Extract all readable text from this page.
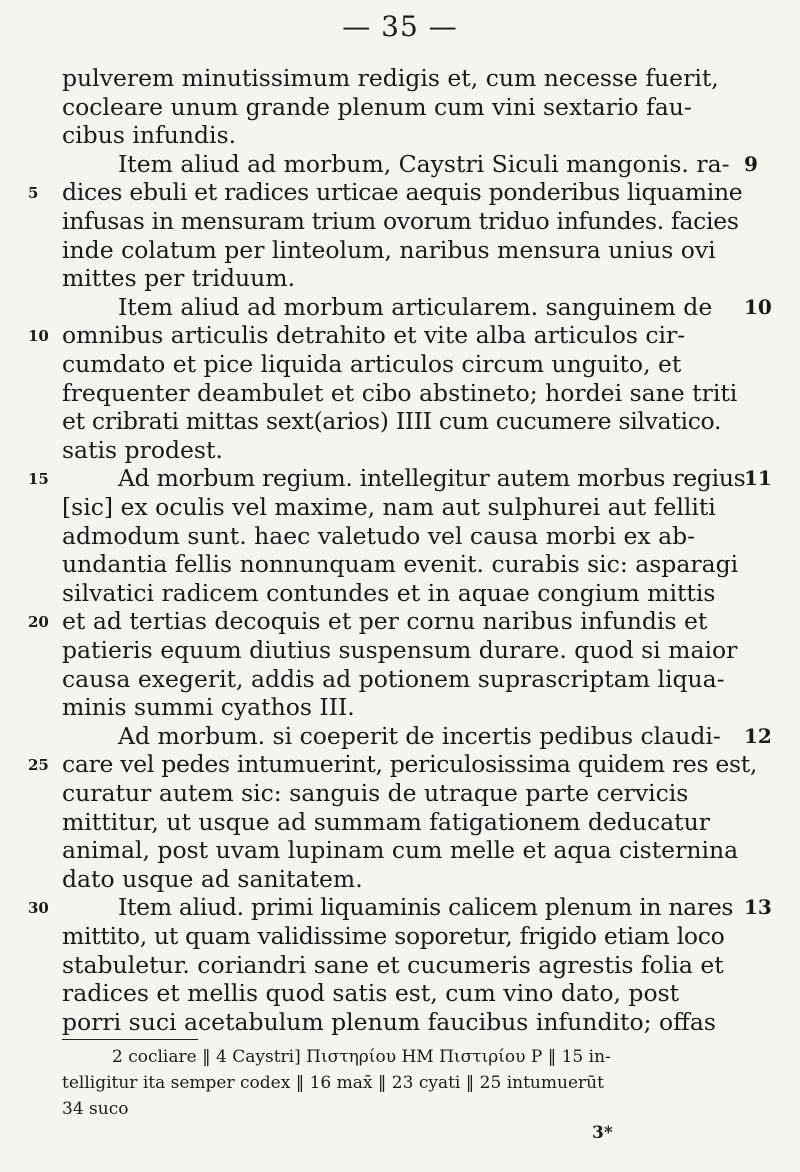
— 35 —
pulverem minutissimum redigis et, cum necesse fuerit,
cocleare unum grande plenum cum vini sextario fau-
cibus infundis.
Item aliud ad morbum, Caystri Siculi mangonis. ra- 9
dices ebuli et radices urticae aequis ponderibus liquamine
5
infusas in mensuram trium ovorum triduo infundes. facies
inde colatum per linteolum, naribus mensura unius ovi
mittes per triduum.
Item aliud ad morbum articularem. sanguinem de	10
omnibus articulis detrahito et vite alba articulos cir-
10
cumdato et pice liquida articulos circum unguito, et
frequenter deambulet et cibo abstineto; hordei sane triti
et cribrati mittas sext(arios) IIII cum cucumere silvatico.
satis prodest.
Ad morbum regium. intellegitur autem morbus regius
15	11
[sic] ex oculis vel maxime, nam aut sulphurei aut felliti
admodum sunt. haec valetudo vel causa morbi ex ab-
undantia fellis nonnunquam evenit. curabis sic: asparagi
silvatici radicem contundes et in aquae congium mittis
et ad tertias decoquis et per cornu naribus infundis et
20
patieris equum diutius suspensum durare. quod si maior
causa exegerit, addis ad potionem suprascriptam liqua-
minis summi cyathos III.
Ad morbum. si coeperit de incertis pedibus claudi-	12
care vel pedes intumuerint, periculosissima quidem res est,
25
curatur autem sic: sanguis de utraque parte cervicis
mittitur, ut usque ad summam fatigationem deducatur
animal, post uvam lupinam cum melle et aqua cisternina
dato usque ad sanitatem.
Item aliud. primi liquaminis calicem plenum in nares
30	13
mittito, ut quam validissime soporetur, frigido etiam loco
stabuletur. coriandri sane et cucumeris agrestis folia et
radices et mellis quod satis est, cum vino dato, post
porri suci acetabulum plenum faucibus infundito; offas
2 cocliare ‖ 4 Caystri] Πιστηρίου HM Πιστιρίου P ‖ 15 in-
telligitur ita semper codex ‖ 16 max̄ ‖ 23 cyati ‖ 25 intumuerūt
34 suco
3*
